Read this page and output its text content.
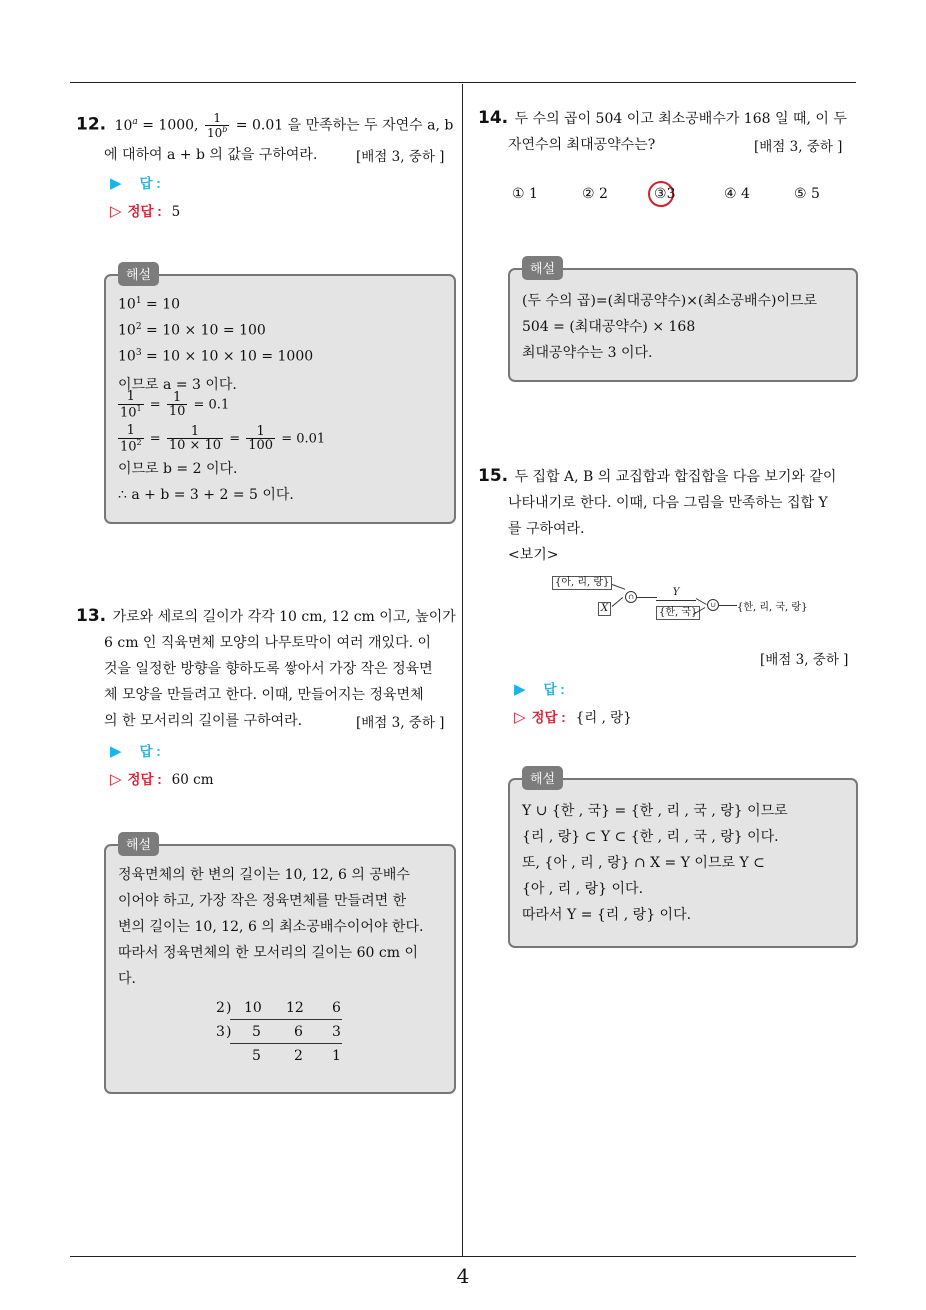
4
12. $10^a = 1000$, $\frac{1}{10^b} = 0.01$ 을 만족하는 두 자연수 a, b
에 대하여 a + b 의 값을 구하여라.	[배점 3, 중하 ]
▶ 답 :
▷ 정답 : 5
해설
$10^1 = 10$
$10^2 = 10 \times 10 = 100$
$10^3 = 10 \times 10 \times 10 = 1000$
이므로 a = 3 이다.
$\frac{1}{10^1} = \frac{1}{10} = 0.1$
$\frac{1}{10^2} = \frac{1}{10 \times 10} = \frac{1}{100} = 0.01$
이므로 b = 2 이다.
∴ a + b = 3 + 2 = 5 이다.
13. 가로와 세로의 길이가 각각 10 cm, 12 cm 이고, 높이가
6 cm 인 직육면체 모양의 나무토막이 여러 개있다. 이
것을 일정한 방향을 향하도록 쌓아서 가장 작은 정육면
체 모양을 만들려고 한다. 이때, 만들어지는 정육면체
의 한 모서리의 길이를 구하여라.	[배점 3, 중하 ]
▶ 답 :
▷ 정답 : 60 cm
해설
정육면체의 한 변의 길이는 10, 12, 6 의 공배수
이어야 하고, 가장 작은 정육면체를 만들려면 한
변의 길이는 10, 12, 6 의 최소공배수이어야 한다.
따라서 정육면체의 한 모서리의 길이는 60 cm 이
다.
2 ) 10 12 6
3 ) 5 6 3
5 2 1
14. 두 수의 곱이 504 이고 최소공배수가 168 일 때, 이 두
자연수의 최대공약수는?	[배점 3, 중하 ]
① 1	② 2	③3	④ 4	⑤ 5
해설
(두 수의 곱)=(최대공약수)×(최소공배수)이므로
504 = (최대공약수) × 168
최대공약수는 3 이다.
15. 두 집합 A, B 의 교집합과 합집합을 다음 보기와 같이
나타내기로 한다. 이때, 다음 그림을 만족하는 집합 Y
를 구하여라.
<보기>
{아, 리, 랑}
X
∩	Y
{한, 국}
∪	{한, 리, 국, 랑}
[배점 3, 중하 ]
▶ 답 :
▷ 정답 : {리 , 랑}
해설
Y ∪ {한 , 국} = {한 , 리 , 국 , 랑} 이므로
{리 , 랑} ⊂ Y ⊂ {한 , 리 , 국 , 랑} 이다.
또, {아 , 리 , 랑} ∩ X = Y 이므로 Y ⊂
{아 , 리 , 랑} 이다.
따라서 Y = {리 , 랑} 이다.
